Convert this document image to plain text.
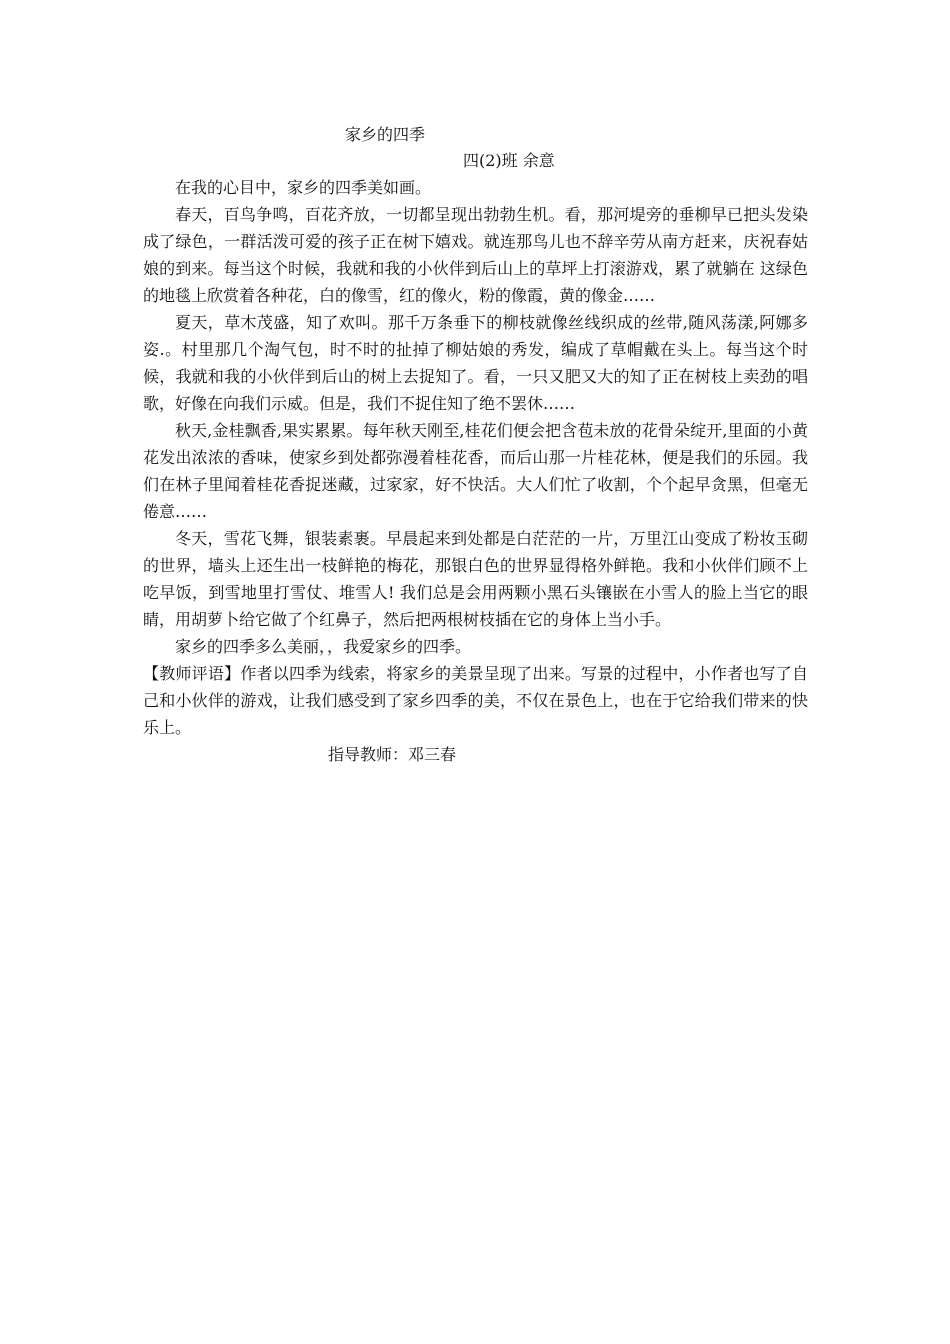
家乡的四季

四(2)班 余意

在我的心目中，家乡的四季美如画。

春天，百鸟争鸣，百花齐放，一切都呈现出勃勃生机。看，那河堤旁的垂柳早已把头发染成了绿色，一群活泼可爱的孩子正在树下嬉戏。就连那鸟儿也不辞辛劳从南方赶来，庆祝春姑娘的到来。每当这个时候，我就和我的小伙伴到后山上的草坪上打滚游戏，累了就躺在 这绿色的地毯上欣赏着各种花，白的像雪，红的像火，粉的像霞，黄的像金……

夏天，草木茂盛，知了欢叫。那千万条垂下的柳枝就像丝线织成的丝带,随风荡漾,阿娜多姿.。村里那几个淘气包，时不时的扯掉了柳姑娘的秀发，编成了草帽戴在头上。每当这个时候，我就和我的小伙伴到后山的树上去捉知了。看，一只又肥又大的知了正在树枝上卖劲的唱歌，好像在向我们示威。但是，我们不捉住知了绝不罢休……

秋天,金桂飘香,果实累累。每年秋天刚至,桂花们便会把含苞未放的花骨朵绽开,里面的小黄花发出浓浓的香味，使家乡到处都弥漫着桂花香，而后山那一片桂花林，便是我们的乐园。我们在林子里闻着桂花香捉迷藏，过家家，好不快活。大人们忙了收割，个个起早贪黑，但毫无倦意……

冬天，雪花飞舞，银装素裹。早晨起来到处都是白茫茫的一片，万里江山变成了粉妆玉砌的世界，墙头上还生出一枝鲜艳的梅花，那银白色的世界显得格外鲜艳。我和小伙伴们顾不上吃早饭，到雪地里打雪仗、堆雪人! 我们总是会用两颗小黑石头镶嵌在小雪人的脸上当它的眼睛，用胡萝卜给它做了个红鼻子，然后把两根树枝插在它的身体上当小手。

家乡的四季多么美丽，，我爱家乡的四季。

【教师评语】作者以四季为线索，将家乡的美景呈现了出来。写景的过程中，小作者也写了自己和小伙伴的游戏，让我们感受到了家乡四季的美，不仅在景色上，也在于它给我们带来的快乐上。

指导教师：邓三春
